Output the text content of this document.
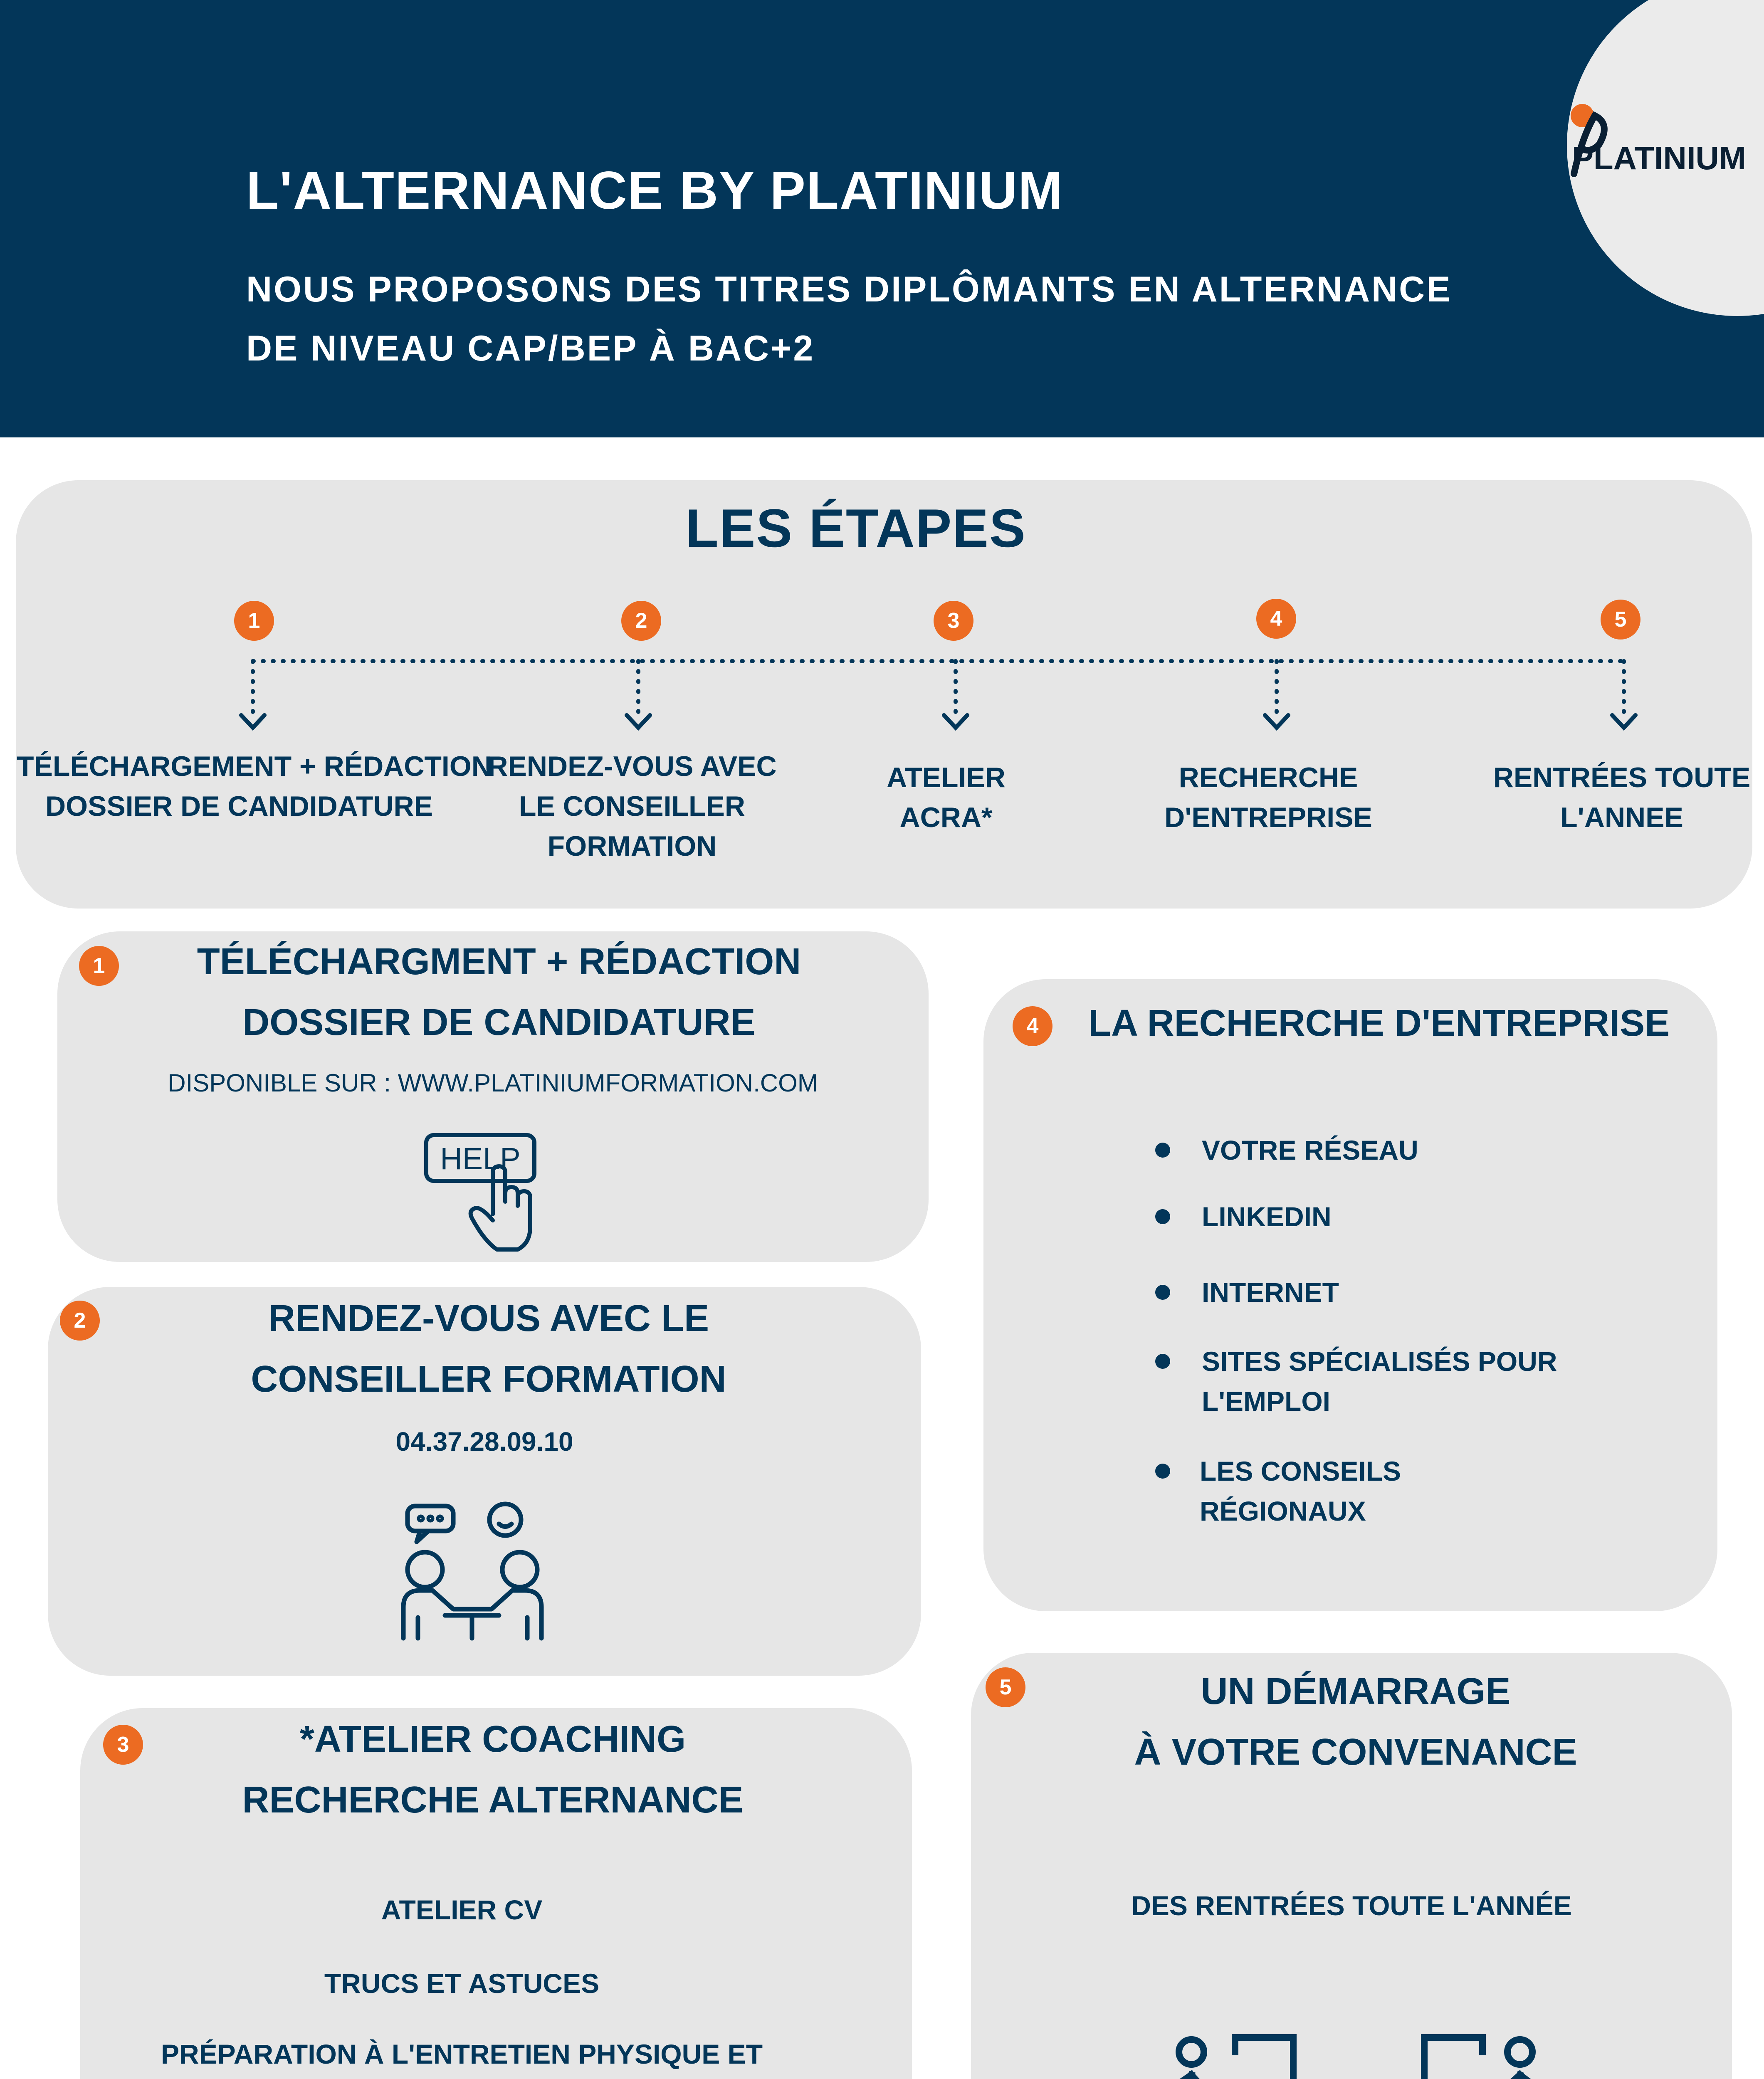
L'ALTERNANCE BY PLATINIUM
NOUS PROPOSONS DES TITRES DIPLÔMANTS EN ALTERNANCE
DE NIVEAU CAP/BEP À BAC+2
PLATINIUM
LES ÉTAPES
1	2	3	4	5
TÉLÉCHARGEMENT + RÉDACTION
DOSSIER DE CANDIDATURE
RENDEZ-VOUS AVEC
LE CONSEILLER
FORMATION
ATELIER
ACRA*
RECHERCHE
D'ENTREPRISE
RENTRÉES TOUTE
L'ANNEE
1	TÉLÉCHARGMENT + RÉDACTION
DOSSIER DE CANDIDATURE
DISPONIBLE SUR : WWW.PLATINIUMFORMATION.COM
HELP
2	RENDEZ-VOUS AVEC LE
CONSEILLER FORMATION
04.37.28.09.10
3	*ATELIER COACHING
RECHERCHE ALTERNANCE
ATELIER CV
TRUCS ET ASTUCES
PRÉPARATION À L'ENTRETIEN PHYSIQUE ET
4	LA RECHERCHE D'ENTREPRISE
VOTRE RÉSEAU
LINKEDIN
INTERNET
SITES SPÉCIALISÉS POUR
L'EMPLOI
LES CONSEILS
RÉGIONAUX
5	UN DÉMARRAGE
À VOTRE CONVENANCE
DES RENTRÉES TOUTE L'ANNÉE
